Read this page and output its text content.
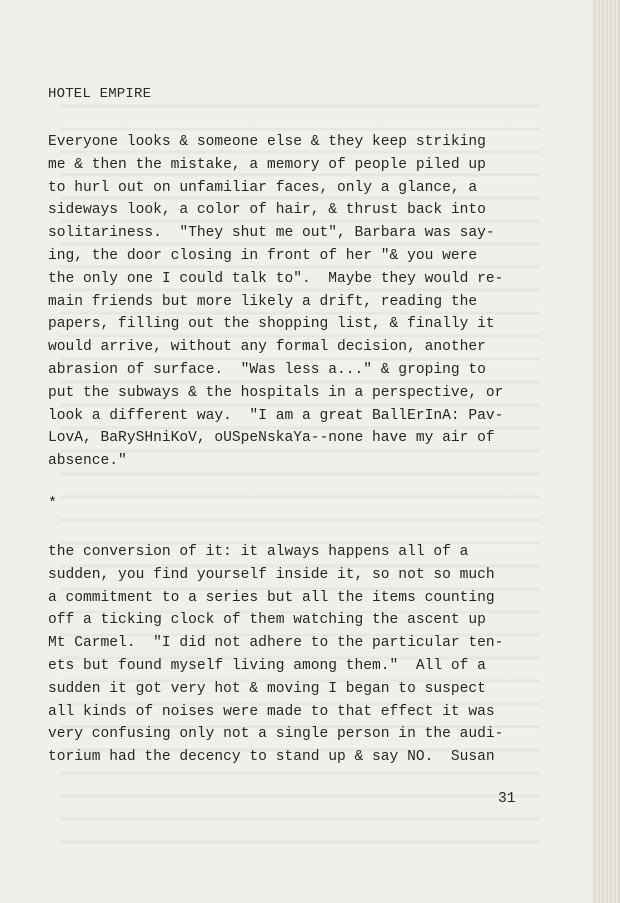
HOTEL EMPIRE
Everyone looks & someone else & they keep striking
me & then the mistake, a memory of people piled up
to hurl out on unfamiliar faces, only a glance, a
sideways look, a color of hair, & thrust back into
solitariness.  "They shut me out", Barbara was say-
ing, the door closing in front of her "& you were
the only one I could talk to".  Maybe they would re-
main friends but more likely a drift, reading the
papers, filling out the shopping list, & finally it
would arrive, without any formal decision, another
abrasion of surface.  "Was less a..." & groping to
put the subways & the hospitals in a perspective, or
look a different way.  "I am a great BallErInA: Pav-
LovA, BaRySHniKoV, oUSpeNskaYa--none have my air of
absence."
*
the conversion of it: it always happens all of a
sudden, you find yourself inside it, so not so much
a commitment to a series but all the items counting
off a ticking clock of them watching the ascent up
Mt Carmel.  "I did not adhere to the particular ten-
ets but found myself living among them."  All of a
sudden it got very hot & moving I began to suspect
all kinds of noises were made to that effect it was
very confusing only not a single person in the audi-
torium had the decency to stand up & say NO.  Susan
31
